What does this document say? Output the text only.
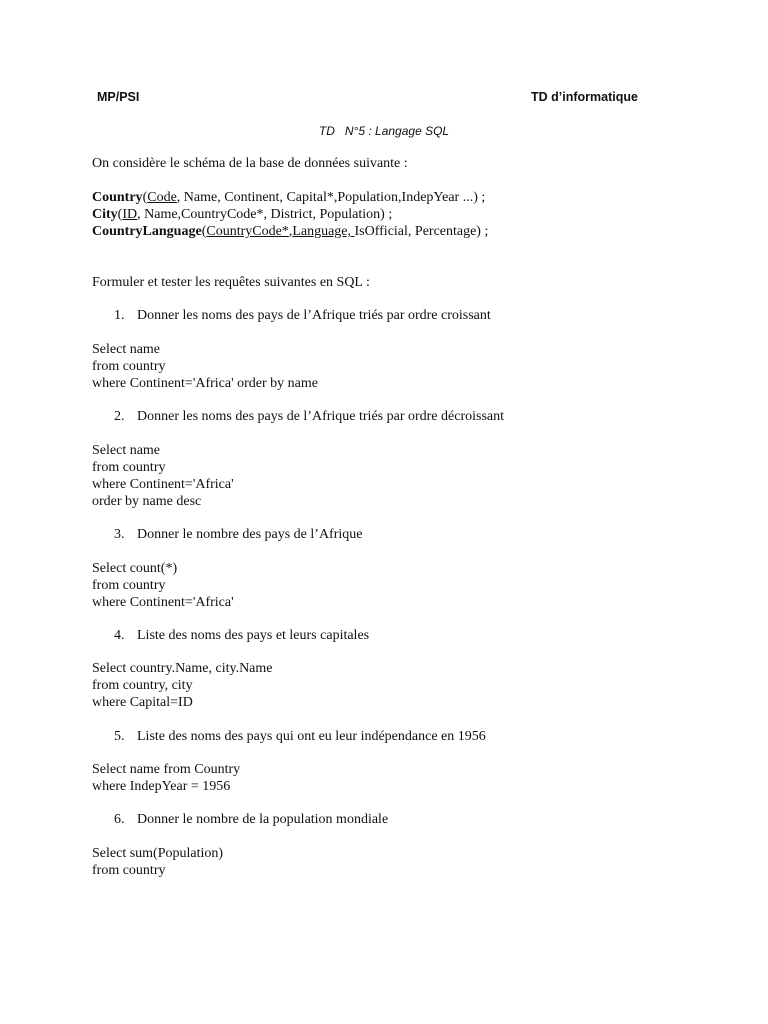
MP/PSI	TD d’informatique
TD N°5 : Langage SQL
On considère le schéma de la base de données suivante :
Country(Code, Name, Continent, Capital*,Population,IndepYear ...) ;
City(ID, Name,CountryCode*, District, Population) ;
CountryLanguage(CountryCode*,Language, IsOfficial, Percentage) ;
Formuler et tester les requêtes suivantes en SQL :
1. Donner les noms des pays de l’Afrique triés par ordre croissant
Select name
from country
where Continent='Africa' order by name
2. Donner les noms des pays de l’Afrique triés par ordre décroissant
Select name
from country
where Continent='Africa'
order by name desc
3. Donner le nombre des pays de l’Afrique
Select count(*)
from country
where Continent='Africa'
4. Liste des noms des pays et leurs capitales
Select country.Name, city.Name
from country, city
where Capital=ID
5. Liste des noms des pays qui ont eu leur indépendance en 1956
Select name from Country
where IndepYear = 1956
6. Donner le nombre de la population mondiale
Select sum(Population)
from country
